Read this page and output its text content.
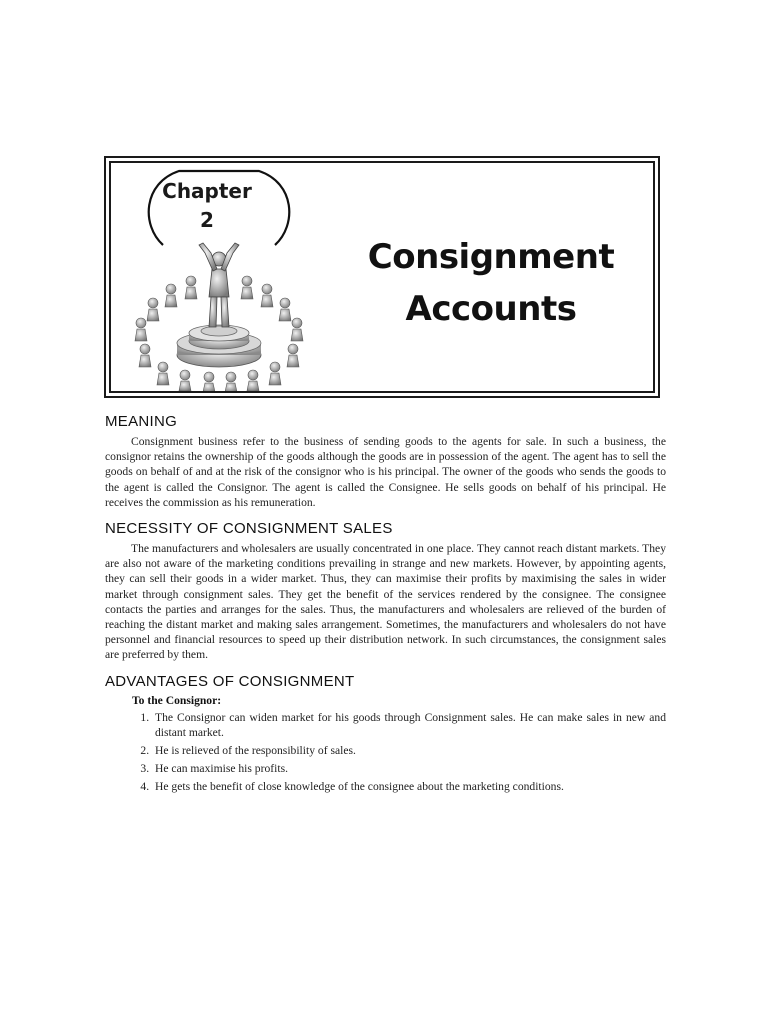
Chapter
2
Consignment
Accounts
MEANING

Consignment business refer to the business of sending goods to the agents for sale. In such a business, the consignor retains the ownership of the goods although the goods are in possession of the agent. The agent has to sell the goods on behalf of and at the risk of the consignor who is his principal. The owner of the goods who sends the goods to the agent is called the Consignor. The agent is called the Consignee. He sells goods on behalf of his principal. He receives the commission as his remuneration.

NECESSITY OF CONSIGNMENT SALES

The manufacturers and wholesalers are usually concentrated in one place. They cannot reach distant markets. They are also not aware of the marketing conditions prevailing in strange and new markets. However, by appointing agents, they can sell their goods in a wider market. Thus, they can maximise their profits by maximising the sales in wider market through consignment sales. They get the benefit of the services rendered by the consignee. The consignee contacts the parties and arranges for the sales. Thus, the manufacturers and wholesalers are relieved of the burden of reaching the distant market and making sales arrangement. Sometimes, the manufacturers and wholesalers do not have personnel and financial resources to speed up their distribution network. In such circumstances, the consignment sales are preferred by them.

ADVANTAGES OF CONSIGNMENT
To the Consignor:
1. The Consignor can widen market for his goods through Consignment sales. He can make sales in new and distant market.
2. He is relieved of the responsibility of sales.
3. He can maximise his profits.
4. He gets the benefit of close knowledge of the consignee about the marketing conditions.
